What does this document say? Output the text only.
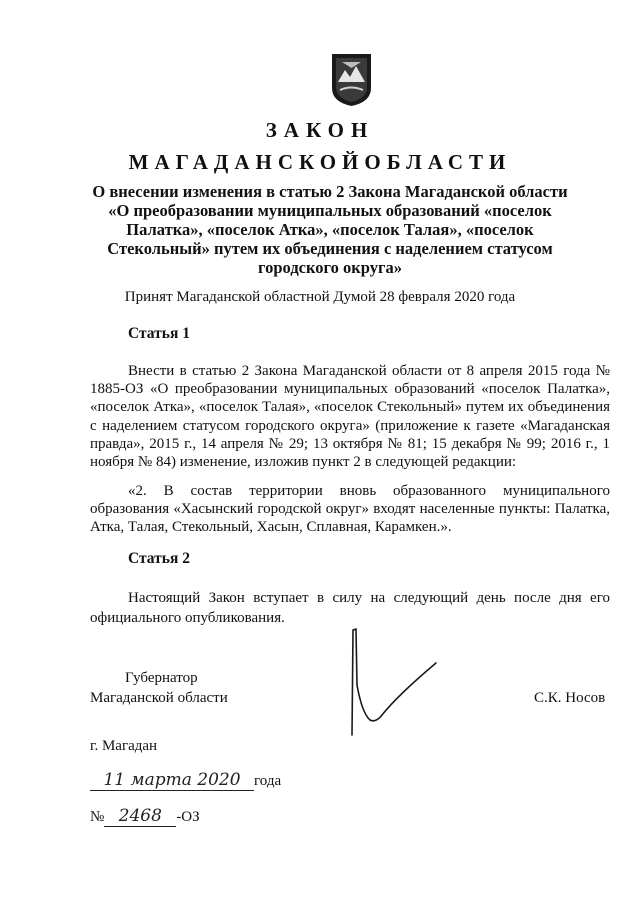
ЗАКОН
МАГАДАНСКОЙОБЛАСТИ
О внесении изменения в статью 2 Закона Магаданской области
«О преобразовании муниципальных образований «поселок
Палатка», «поселок Атка», «поселок Талая», «поселок
Стекольный» путем их объединения с наделением статусом
городского округа»
Принят Магаданской областной Думой 28 февраля 2020 года
Статья 1
Внести в статью 2 Закона Магаданской области от 8 апреля 2015 года № 1885-ОЗ «О преобразовании муниципальных образований «поселок Палатка», «поселок Атка», «поселок Талая», «поселок Стекольный» путем их объединения с наделением статусом городского округа» (приложение к газете «Магаданская правда», 2015 г., 14 апреля № 29; 13 октября № 81; 15 декабря № 99; 2016 г., 1 ноября № 84) изменение, изложив пункт 2 в следующей редакции:
«2. В состав территории вновь образованного муниципального образования «Хасынский городской округ» входят населенные пункты: Палатка, Атка, Талая, Стекольный, Хасын, Сплавная, Карамкен.».
Статья 2
Настоящий Закон вступает в силу на следующий день после дня его официального опубликования.
Губернатор
Магаданской области	С.К. Носов
г. Магадан
11 марта 2020 года
№ 2468 -ОЗ
